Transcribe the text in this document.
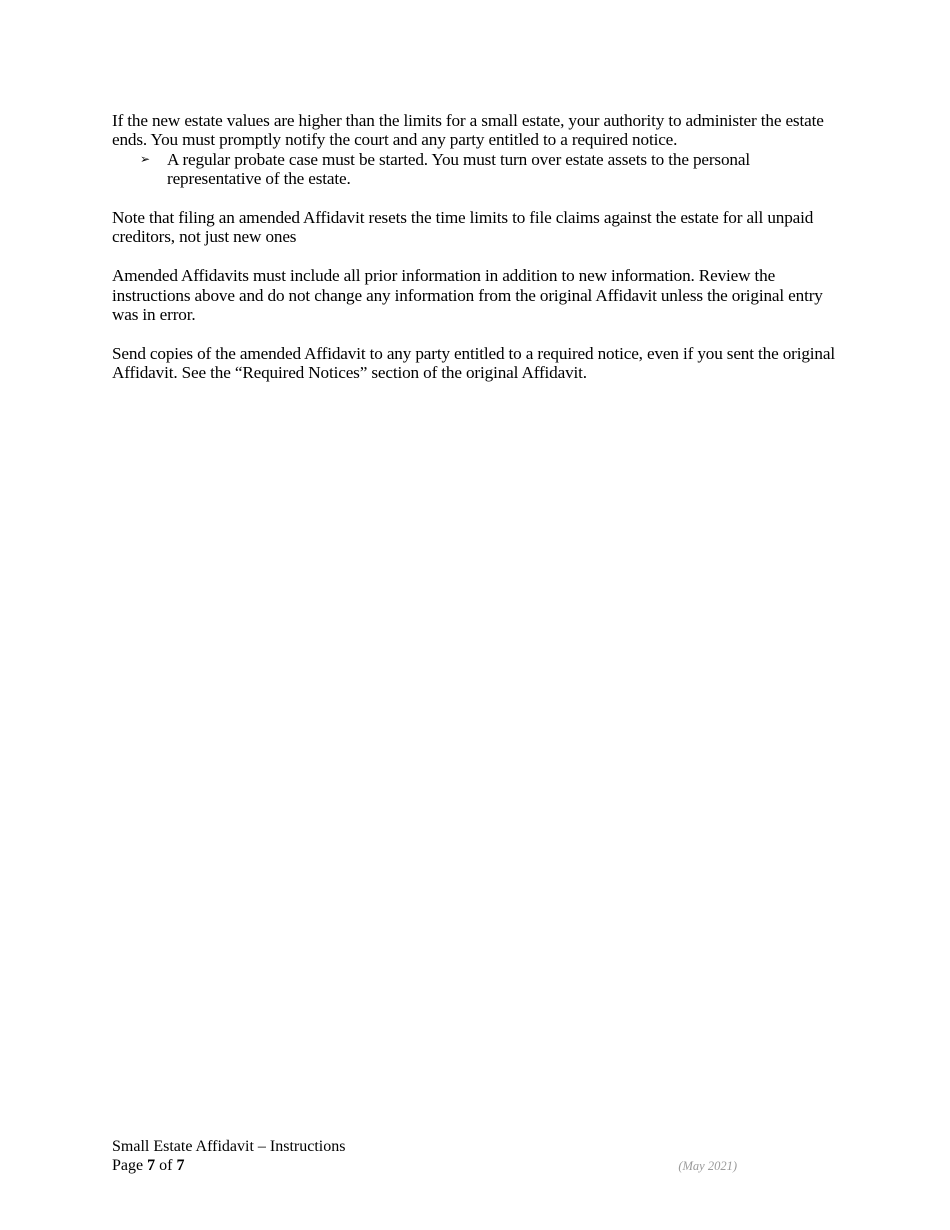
If the new estate values are higher than the limits for a small estate, your authority to administer the estate ends. You must promptly notify the court and any party entitled to a required notice.

➢ A regular probate case must be started. You must turn over estate assets to the personal representative of the estate.

Note that filing an amended Affidavit resets the time limits to file claims against the estate for all unpaid creditors, not just new ones

Amended Affidavits must include all prior information in addition to new information. Review the instructions above and do not change any information from the original Affidavit unless the original entry was in error.

Send copies of the amended Affidavit to any party entitled to a required notice, even if you sent the original Affidavit. See the “Required Notices” section of the original Affidavit.

Small Estate Affidavit – Instructions
Page 7 of 7	(May 2021)
